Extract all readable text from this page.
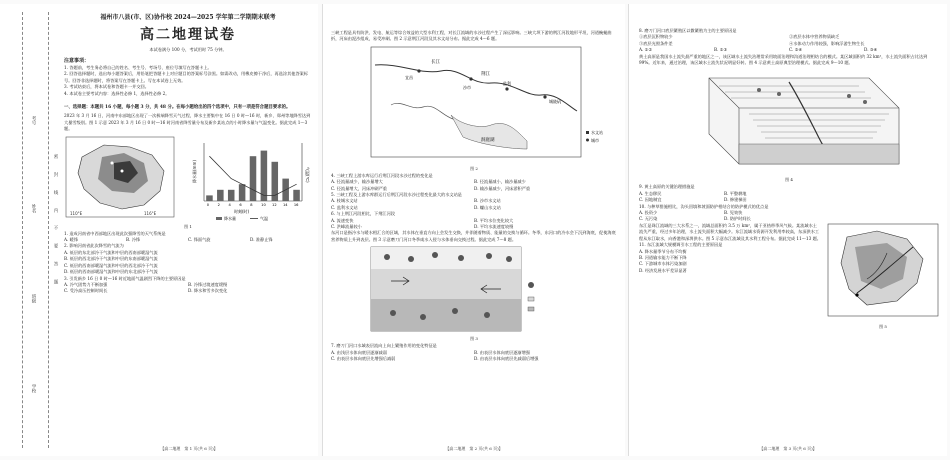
考号
姓名
班级
学校
密 封 线 内 不 要 答 题
福州市八县(市、区)协作校 2024—2025 学年第二学期期末联考
高二地理试卷
本试卷满分 100 分，考试用时 75 分钟。
注意事项：

1. 答题前，考生务必将自己的姓名、考生号、考场号、座位号填写在答题卡上。

2. 回答选择题时，选出每小题答案后，用铅笔把答题卡上对应题目的答案标号涂黑。如需改动，用橡皮擦干净后，再选涂其他答案标号。回答非选择题时，将答案写在答题卡上。写在本试卷上无效。

3. 考试结束后，将本试卷和答题卡一并交回。

4. 本试卷主要考试内容：选择性必修 1，选择性必修 2。

一、选择题：本题共 16 小题，每小题 3 分，共 48 分。在每小题给出的四个选项中，只有一项是符合题目要求的。

2023 年 3 月 16 日，河南中东部地区出现了一次极端降雪天气过程，降水主要集中在 16 日 0 时—16 时，新乡、郑州等地降雪达到大暴雪级别。图 1 示意 2023 年 3 月 16 日 0 时—16 时河南省降雪量分布及新乡某站点的小时降水量与气温变化。据此完成 1～3 题。

110°E	116°E
0 2 4 6 8 10 12 14 16
时刻(时)
降水量(mm)	气温(℃)
降水量	气温
图 1

1. 造成河南省中西部地区出现此次强降雪的天气系统是

A. 暖锋	B. 冷锋	C. 锋面气旋	D. 准静止锋

2. 影响河南省此次降雪的气流为

A. 低层的东北部冷干气流和中层的西南部暖湿气流

B. 低层的西北部冷干气流和中层的东南部暖湿气流

C. 低层的西南部暖湿气流和中层的西北部冷干气流

D. 低层的西南部暖湿气流和中层的东北部冷干气流

3. 引发新乡 16 日 0 时—16 时近地面气温剧烈下降的主要原因是

A. 冷气团势力不断加强	B. 冷锋过境速度缓慢
C. 受冷高压控制时间长	D. 降水和雪多次变化
【高二地理　第 1 页(共 6 页)】

三峡工程是具有防洪、发电、航运等综合效益的大型水利工程，对长江流域的水沙过程产生了深远影响。三峡大坝下游的荆江河段地形平坦，河道蜿蜒曲折，河床由泥沙组成，易受冲刷。图 2 示意荆江河段及其水文站分布。据此完成 4～6 题。

长江
荆江
城陵矶
监利
沙市
宜昌
洞庭湖
水文站
城市
图 2

4. 三峡工程上游水库运行后荆江河段水沙过程的变化是

A. 径流量减少，输沙量增大	B. 径流量减小，输沙量减少
C. 径流量增大，河床冲刷严重	D. 输沙量减少，河床淤积严重

5. 三峡工程及上游水库群运行后荆江河段水沙过程变化最大的水文站是

A. 枝城水文站	B. 沙市水文站
C. 监利水文站	D. 螺山水文站

6. 与上荆江河段相比，下荆江河段

A. 流速变快	B. 平均水位变化较大
C. 洪峰流量较小	D. 平均水流速度较慢

东河口是指冷水与暖水相汇合的区域，其水体在垂直方向上会发生交换，并伴随着物质、能量的交换与循环。冬季，东河口的冷水会下沉到海底，促使海底营养物质上升到表层。图 3 示意磨刀门河口冬季咸水入侵与水体垂向交换过程。据此完成 7～8 题。

图 3

7. 磨刀门河口水域表层流向上向上繁殖作用的变化特征是

A. 由浅层水体向底层逐渐减弱	B. 由表层水体向底层逐渐增强
C. 由表层水体向底层先增强后减弱	D. 由表层水体向底层先减弱后增强
【高二地理　第 2 页(共 6 页)】

8. 磨刀门河口底层繁殖区以微繁殖为主的主要原因是

①底层沉积物较少	②底层水体中营养物质缺乏
③底层光照条件差	④水体动力作用较强，影响浮游生物生长
A. ①②	B. ①③	C. ②④	D. ③④

黄土高原是我国水土流失最严重的地区之一，该区域水土流失治理常采用坡面治理和沟道治理相结合的模式。某区域面积约 32 km²，水土流失面积占比达到 99%。近年来，通过治理，该区域水土流失状况明显好转。图 4 示意黄土高原典型治理模式。据此完成 9～10 题。

图 4

9. 黄土高原的关键治理措施是

A. 生态移民	B. 平整耕地
C. 因地制宜	D. 修建梯田

10. 与种草措施相比，沟头回填和坡面防护相结合的防护模式的优点是

A. 投资少	B. 见效快
C. 无污染	D. 防护时间长

东江是珠江流域的三大水系之一，流域总面积约 3.5 万 km²，属于亚热带季风气候。某流域水土流失严重，经过多年治理，水土流失面积大幅减少。东江流域水资源开发利用率较高，东深供水工程从东江取水，向香港和深圳供水。图 5 示意东江流域及其水利工程分布。据此完成 11～13 题。

11. 东江流域大规模调引水工程的主要原因是

A. 降水量季节分布不均衡

B. 河道输水能力不断下降

C. 下游城市水体污染加剧

D. 经济发展水平差异显著

图 5
【高二地理　第 3 页(共 6 页)】
